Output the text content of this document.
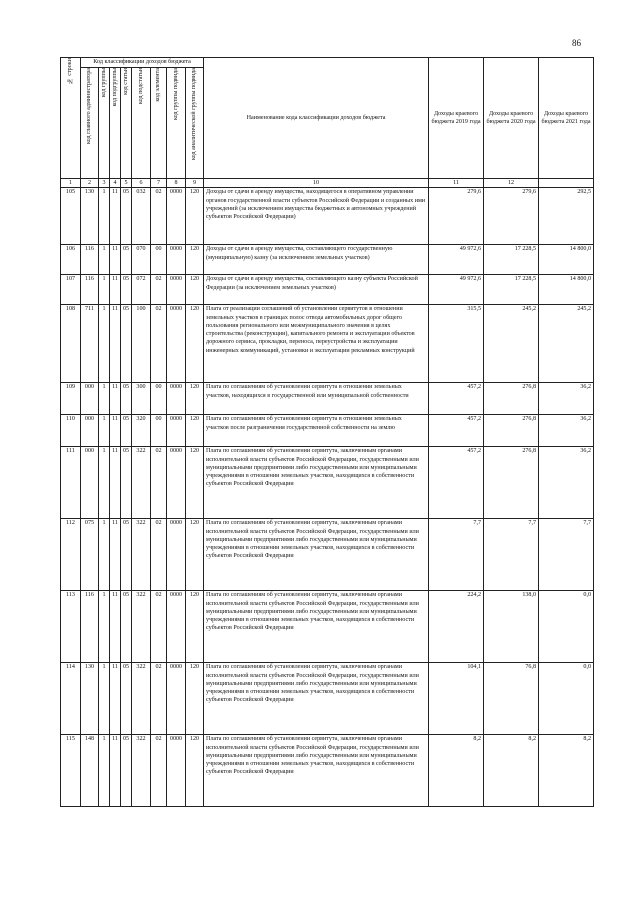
86
№ строки	Код классификации доходов бюджета								Наименование кода классификации доходов бюджета	Доходы краевого бюджета 2019 года	Доходы краевого бюджета 2020 года	Доходы краевого бюджета 2021 года

	код главного администратора	код группы	код подгруппы	код статьи	код подстатьи	код элемента	код группы подвида	код аналитической группы подвида				

1	2	3	4	5	6	7	8	9	10	11	12	
105	130	1	11	05	032	02	0000	120	Доходы от сдачи в аренду имущества, находящегося в оперативном управлении органов государственной власти субъектов Российской Федерации и созданных ими учреждений (за исключением имущества бюджетных и автономных учреждений субъектов Российской Федерации)	279,6	279,6	292,5
106	116	1	11	05	070	00	0000	120	Доходы от сдачи в аренду имущества, составляющего государственную (муниципальную) казну (за исключением земельных участков)	49 972,6	17 228,5	14 800,0
107	116	1	11	05	072	02	0000	120	Доходы от сдачи в аренду имущества, составляющего казну субъекта Российской Федерации (за исключением земельных участков)	49 972,6	17 228,5	14 800,0
108	711	1	11	05	100	02	0000	120	Плата от реализации соглашений об установлении сервитутов в отношении земельных участков в границах полос отвода автомобильных дорог общего пользования регионального или межмуниципального значения в целях строительства (реконструкции), капитального ремонта и эксплуатации объектов дорожного сервиса, прокладки, переноса, переустройства и эксплуатации инженерных коммуникаций, установки и эксплуатации рекламных конструкций	315,5	245,2	245,2
109	000	1	11	05	300	00	0000	120	Плата по соглашениям об установлении сервитута в отношении земельных участков, находящихся в государственной или муниципальной собственности	457,2	276,8	36,2
110	000	1	11	05	320	00	0000	120	Плата по соглашениям об установлении сервитута в отношении земельных участков после разграничения государственной собственности на землю	457,2	276,8	36,2
111	000	1	11	05	322	02	0000	120	Плата по соглашениям об установлении сервитута, заключенным органами исполнительной власти субъектов Российской Федерации, государственными или муниципальными предприятиями либо государственными или муниципальными учреждениями в отношении земельных участков, находящихся в собственности субъектов Российской Федерации	457,2	276,8	36,2
112	075	1	11	05	322	02	0000	120	Плата по соглашениям об установлении сервитута, заключенным органами исполнительной власти субъектов Российской Федерации, государственными или муниципальными предприятиями либо государственными или муниципальными учреждениями в отношении земельных участков, находящихся в собственности субъектов Российской Федерации	7,7	7,7	7,7
113	116	1	11	05	322	02	0000	120	Плата по соглашениям об установлении сервитута, заключенным органами исполнительной власти субъектов Российской Федерации, государственными или муниципальными предприятиями либо государственными или муниципальными учреждениями в отношении земельных участков, находящихся в собственности субъектов Российской Федерации	224,2	138,0	0,0
114	130	1	11	05	322	02	0000	120	Плата по соглашениям об установлении сервитута, заключенным органами исполнительной власти субъектов Российской Федерации, государственными или муниципальными предприятиями либо государственными или муниципальными учреждениями в отношении земельных участков, находящихся в собственности субъектов Российской Федерации	104,1	76,8	0,0
115	148	1	11	05	322	02	0000	120	Плата по соглашениям об установлении сервитута, заключенным органами исполнительной власти субъектов Российской Федерации, государственными или муниципальными предприятиями либо государственными или муниципальными учреждениями в отношении земельных участков, находящихся в собственности субъектов Российской Федерации	8,2	8,2	8,2
